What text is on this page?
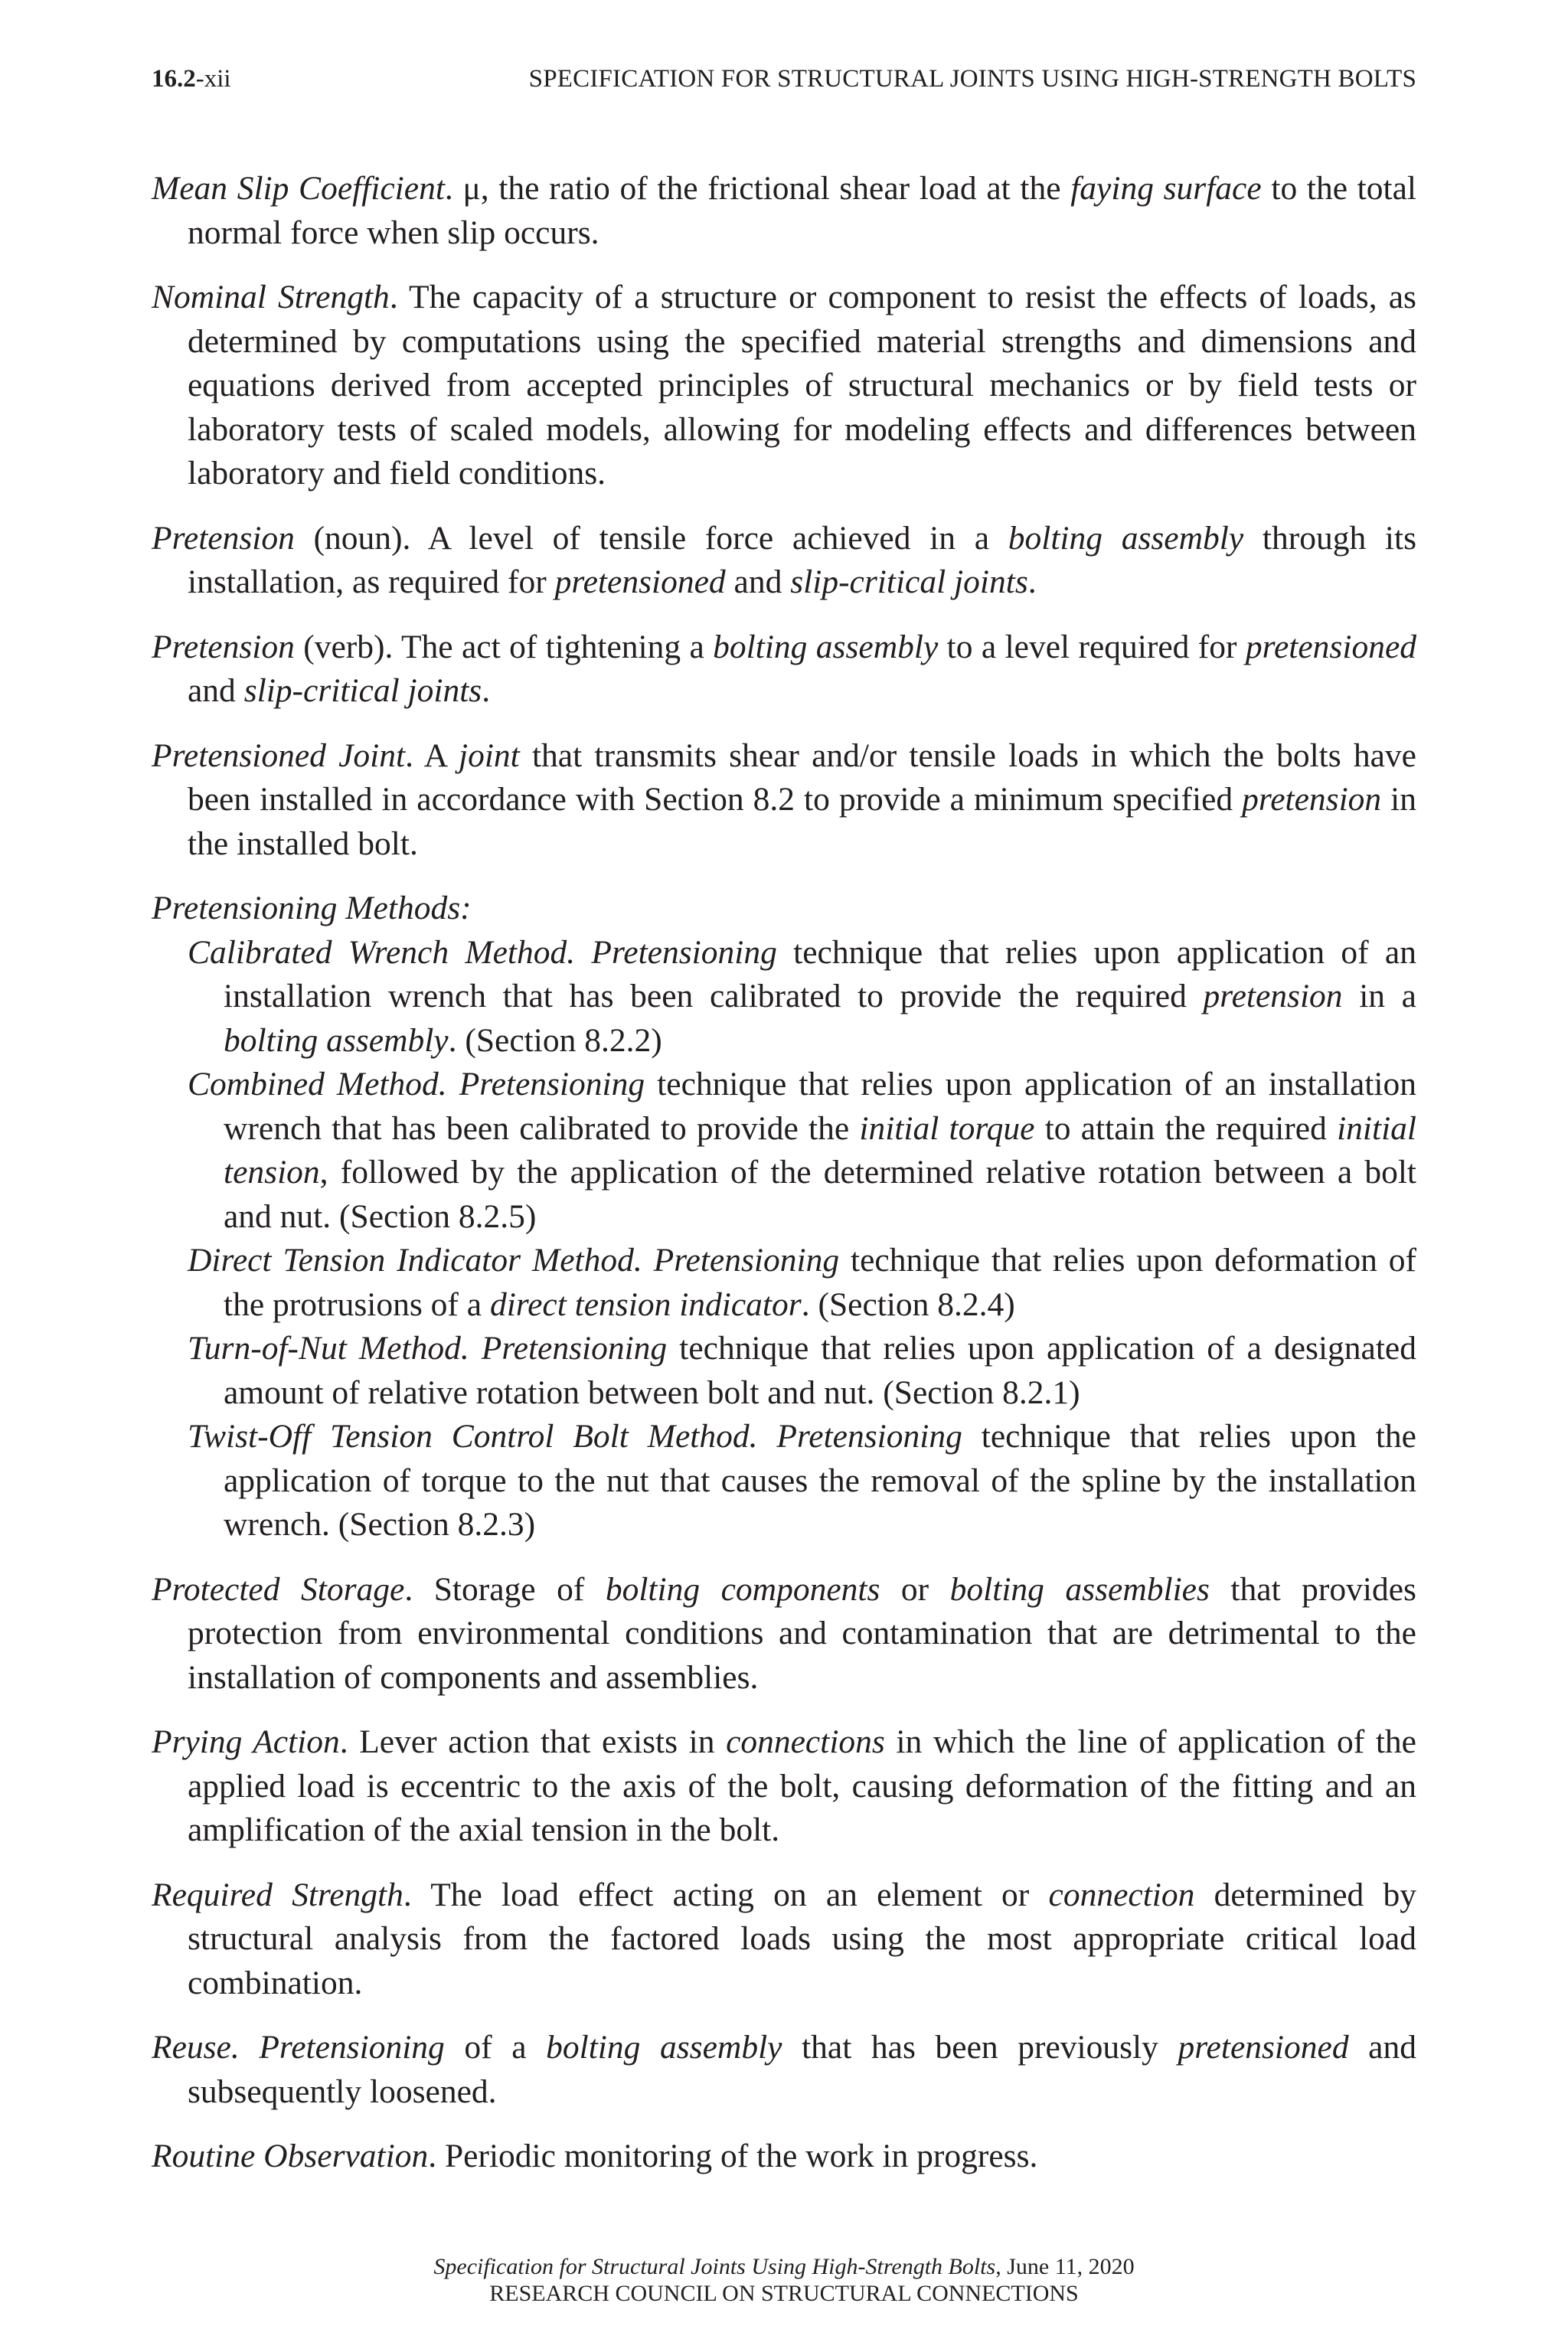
16.2-xii	SPECIFICATION FOR STRUCTURAL JOINTS USING HIGH-STRENGTH BOLTS

Mean Slip Coefficient. μ, the ratio of the frictional shear load at the faying surface to the total normal force when slip occurs.

Nominal Strength. The capacity of a structure or component to resist the effects of loads, as determined by computations using the specified material strengths and dimensions and equations derived from accepted principles of structural mechanics or by field tests or laboratory tests of scaled models, allowing for modeling effects and differences between laboratory and field conditions.

Pretension (noun). A level of tensile force achieved in a bolting assembly through its installation, as required for pretensioned and slip-critical joints.

Pretension (verb). The act of tightening a bolting assembly to a level required for pretensioned and slip-critical joints.

Pretensioned Joint. A joint that transmits shear and/or tensile loads in which the bolts have been installed in accordance with Section 8.2 to provide a minimum specified pretension in the installed bolt.

Pretensioning Methods:

Calibrated Wrench Method. Pretensioning technique that relies upon application of an installation wrench that has been calibrated to provide the required pretension in a bolting assembly. (Section 8.2.2)

Combined Method. Pretensioning technique that relies upon application of an installation wrench that has been calibrated to provide the initial torque to attain the required initial tension, followed by the application of the determined relative rotation between a bolt and nut. (Section 8.2.5)

Direct Tension Indicator Method. Pretensioning technique that relies upon deformation of the protrusions of a direct tension indicator. (Section 8.2.4)

Turn-of-Nut Method. Pretensioning technique that relies upon application of a designated amount of relative rotation between bolt and nut. (Section 8.2.1)

Twist-Off Tension Control Bolt Method. Pretensioning technique that relies upon the application of torque to the nut that causes the removal of the spline by the installation wrench. (Section 8.2.3)

Protected Storage. Storage of bolting components or bolting assemblies that provides protection from environmental conditions and contamination that are detrimental to the installation of components and assemblies.

Prying Action. Lever action that exists in connections in which the line of application of the applied load is eccentric to the axis of the bolt, causing deformation of the fitting and an amplification of the axial tension in the bolt.

Required Strength. The load effect acting on an element or connection determined by structural analysis from the factored loads using the most appropriate critical load combination.

Reuse. Pretensioning of a bolting assembly that has been previously pretensioned and subsequently loosened.

Routine Observation. Periodic monitoring of the work in progress.

Specification for Structural Joints Using High-Strength Bolts, June 11, 2020
RESEARCH COUNCIL ON STRUCTURAL CONNECTIONS
